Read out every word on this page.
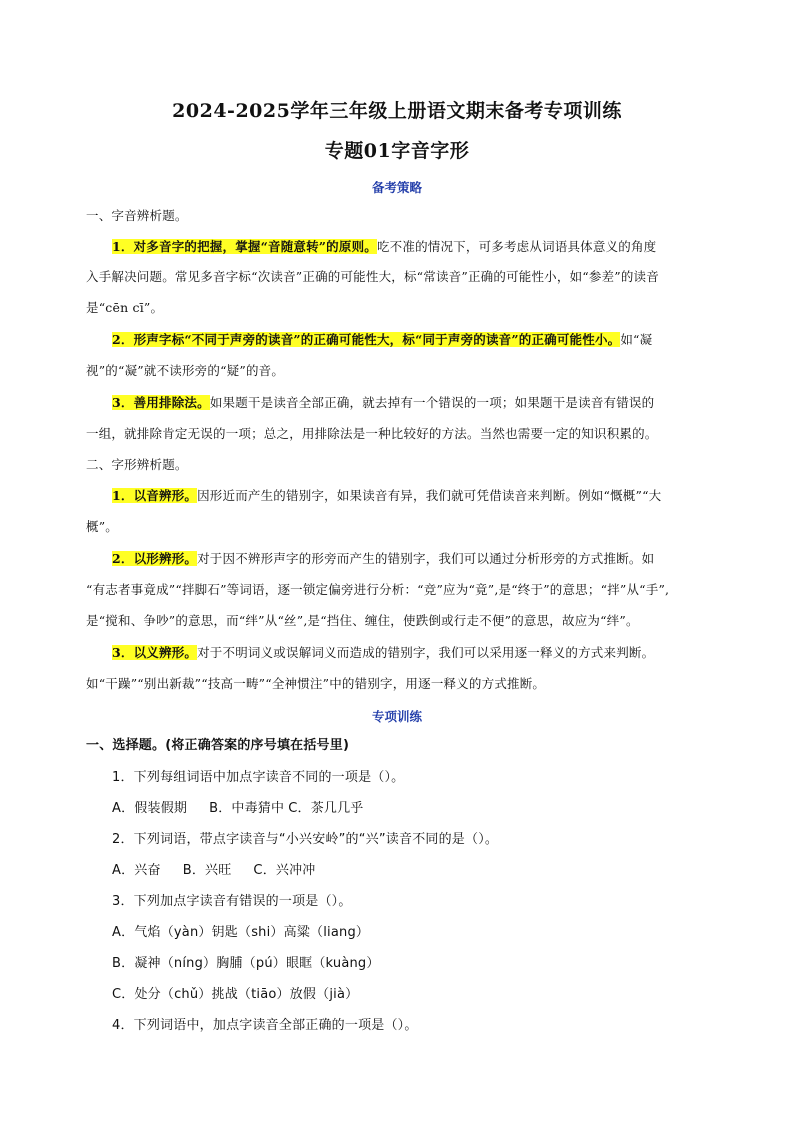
2024-2025学年三年级上册语文期末备考专项训练
专题01字音字形
备考策略
一、字音辨析题。
1．对多音字的把握，掌握“音随意转”的原则。吃不准的情况下，可多考虑从词语具体意义的角度
入手解决问题。常见多音字标“次读音”正确的可能性大，标“常读音”正确的可能性小，如“参差”的读音
是“cēn cī”。
2．形声字标“不同于声旁的读音”的正确可能性大，标“同于声旁的读音”的正确可能性小。如“凝
视”的“凝”就不读形旁的“疑”的音。
3．善用排除法。如果题干是读音全部正确，就去掉有一个错误的一项；如果题干是读音有错误的
一组，就排除肯定无误的一项；总之，用排除法是一种比较好的方法。当然也需要一定的知识积累的。
二、字形辨析题。
1．以音辨形。因形近而产生的错别字，如果读音有异，我们就可凭借读音来判断。例如“慨概”“大
概”。
2．以形辨形。对于因不辨形声字的形旁而产生的错别字，我们可以通过分析形旁的方式推断。如
“有志者事竟成”“拌脚石”等词语，逐一锁定偏旁进行分析：“竞”应为“竟”,是“终于”的意思；“拌”从“手”,
是“搅和、争吵”的意思，而“绊”从“丝”,是“挡住、缠住，使跌倒或行走不便”的意思，故应为“绊”。
3．以义辨形。对于不明词义或误解词义而造成的错别字，我们可以采用逐一释义的方式来判断。
如“干躁”“别出新裁”“技高一畴”“全神惯注”中的错别字，用逐一释义的方式推断。
专项训练
一、选择题。(将正确答案的序号填在括号里)
1．下列每组词语中加点字读音不同的一项是（）。
A．假装假期 B．中毒猜中 C．茶几几乎
2．下列词语，带点字读音与“小兴安岭”的“兴”读音不同的是（）。
A．兴奋 B．兴旺 C．兴冲冲
3．下列加点字读音有错误的一项是（）。
A．气焰（yàn）钥匙（shi）高粱（liang）
B．凝神（níng）胸脯（pú）眼眶（kuàng）
C．处分（chǔ）挑战（tiāo）放假（jià）
4．下列词语中，加点字读音全部正确的一项是（）。
